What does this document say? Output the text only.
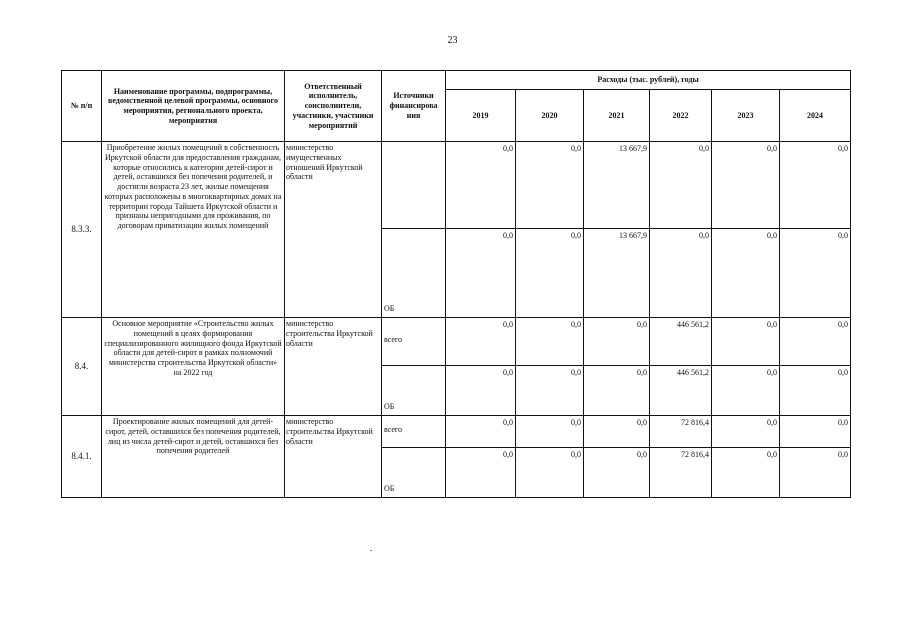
23
№ п/п	Наименование программы, подпрограммы, ведомственной целевой программы, основного мероприятия, регионального проекта, мероприятия	Ответственный исполнитель, соисполнители, участники, участники мероприятий	Источники финансирова ния	Расходы (тыс. рублей), годы					
				2019	2020	2021	2022	2023	2024
8.3.3.	Приобретение жилых помещений в собственность Иркутской области для предоставления гражданам, которые относились к категории детей-сирот и детей, оставшихся без попечения родителей, и достигли возраста 23 лет, жилые помещения которых расположены в многоквартирных домах на территории города Тайшета Иркутской области и признаны непригодными для проживания, по договорам приватизации жилых помещений	министерство имущественных отношений Иркутской области		0,0	0,0	13 667,9	0,0	0,0	0,0
			ОБ	0,0	0,0	13 667,9	0,0	0,0	0,0
8.4.	Основное мероприятие «Строительство жилых помещений в целях формирования специализированного жилищного фонда Иркутской области для детей-сирот в рамках полномочий министерства строительства Иркутской области» на 2022 год	министерство строительства Иркутской области	всего	0,0	0,0	0,0	446 561,2	0,0	0,0
			ОБ	0,0	0,0	0,0	446 561,2	0,0	0,0
8.4.1.	Проектирование жилых помещений для детей-сирот, детей, оставшихся без попечения родителей, лиц из числа детей-сирот и детей, оставшихся без попечения родителей	министерство строительства Иркутской области	всего	0,0	0,0	0,0	72 816,4	0,0	0,0
			ОБ	0,0	0,0	0,0	72 816,4	0,0	0,0
